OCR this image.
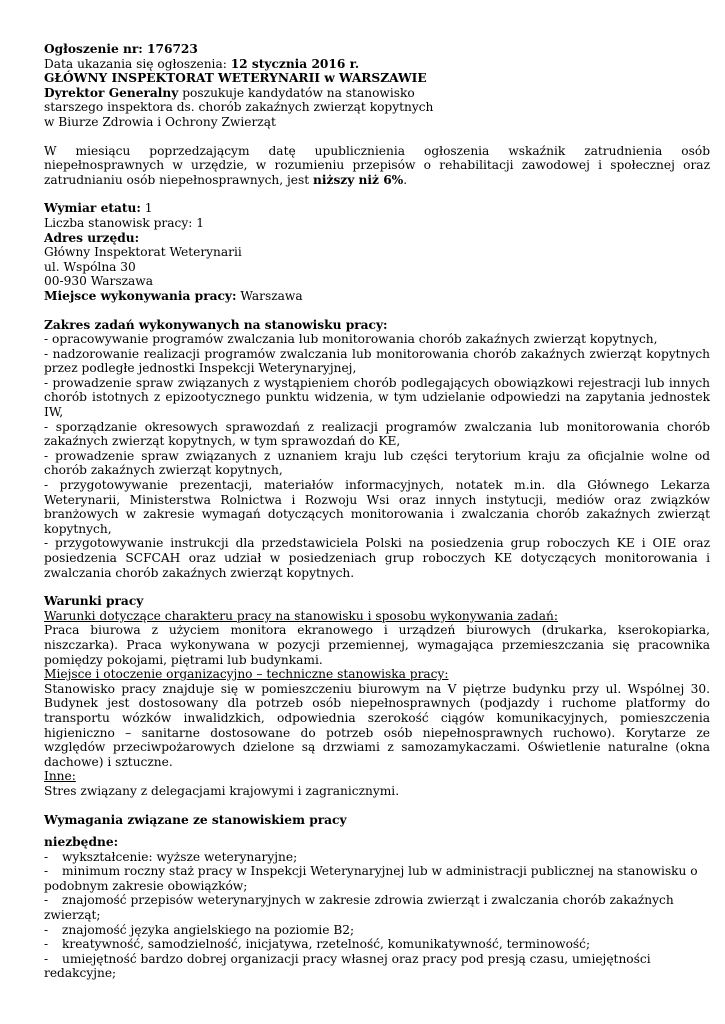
Ogłoszenie nr: 176723
Data ukazania się ogłoszenia: 12 stycznia 2016 r.
GŁÓWNY INSPEKTORAT WETERYNARII w WARSZAWIE
Dyrektor Generalny poszukuje kandydatów na stanowisko
starszego inspektora ds. chorób zakaźnych zwierząt kopytnych
w Biurze Zdrowia i Ochrony Zwierząt

W miesiącu poprzedzającym datę upublicznienia ogłoszenia wskaźnik zatrudnienia osób niepełnosprawnych w urzędzie, w rozumieniu przepisów o rehabilitacji zawodowej i społecznej oraz zatrudnianiu osób niepełnosprawnych, jest niższy niż 6%.

Wymiar etatu: 1
Liczba stanowisk pracy: 1
Adres urzędu:
Główny Inspektorat Weterynarii
ul. Wspólna 30
00-930 Warszawa
Miejsce wykonywania pracy: Warszawa
Zakres zadań wykonywanych na stanowisku pracy:
- opracowywanie programów zwalczania lub monitorowania chorób zakaźnych zwierząt kopytnych,
- nadzorowanie realizacji programów zwalczania lub monitorowania chorób zakaźnych zwierząt kopytnych przez podległe jednostki Inspekcji Weterynaryjnej,
- prowadzenie spraw związanych z wystąpieniem chorób podlegających obowiązkowi rejestracji lub innych chorób istotnych z epizootycznego punktu widzenia, w tym udzielanie odpowiedzi na zapytania jednostek IW,
- sporządzanie okresowych sprawozdań z realizacji programów zwalczania lub monitorowania chorób zakaźnych zwierząt kopytnych, w tym sprawozdań do KE,
- prowadzenie spraw związanych z uznaniem kraju lub części terytorium kraju za oficjalnie wolne od chorób zakaźnych zwierząt kopytnych,
- przygotowywanie prezentacji, materiałów informacyjnych, notatek m.in. dla Głównego Lekarza Weterynarii, Ministerstwa Rolnictwa i Rozwoju Wsi oraz innych instytucji, mediów oraz związków branżowych w zakresie wymagań dotyczących monitorowania i zwalczania chorób zakaźnych zwierząt kopytnych,
- przygotowywanie instrukcji dla przedstawiciela Polski na posiedzenia grup roboczych KE i OIE oraz posiedzenia SCFCAH oraz udział w posiedzeniach grup roboczych KE dotyczących monitorowania i zwalczania chorób zakaźnych zwierząt kopytnych.
Warunki pracy
Warunki dotyczące charakteru pracy na stanowisku i sposobu wykonywania zadań:

Praca biurowa z użyciem monitora ekranowego i urządzeń biurowych (drukarka, kserokopiarka, niszczarka). Praca wykonywana w pozycji przemiennej, wymagająca przemieszczania się pracownika pomiędzy pokojami, piętrami lub budynkami.

Miejsce i otoczenie organizacyjno – techniczne stanowiska pracy:

Stanowisko pracy znajduje się w pomieszczeniu biurowym na V piętrze budynku przy ul. Wspólnej 30. Budynek jest dostosowany dla potrzeb osób niepełnosprawnych (podjazdy i ruchome platformy do transportu wózków inwalidzkich, odpowiednia szerokość ciągów komunikacyjnych, pomieszczenia higieniczno – sanitarne dostosowane do potrzeb osób niepełnosprawnych ruchowo). Korytarze ze względów przeciwpożarowych dzielone są drzwiami z samozamykaczami. Oświetlenie naturalne (okna dachowe) i sztuczne.

Inne:
Stres związany z delegacjami krajowymi i zagranicznymi.
Wymagania związane ze stanowiskiem pracy
niezbędne:
- wykształcenie: wyższe weterynaryjne;
- minimum roczny staż pracy w Inspekcji Weterynaryjnej lub w administracji publicznej na stanowisku o podobnym zakresie obowiązków;
- znajomość przepisów weterynaryjnych w zakresie zdrowia zwierząt i zwalczania chorób zakaźnych zwierząt;
- znajomość języka angielskiego na poziomie B2;
- kreatywność, samodzielność, inicjatywa, rzetelność, komunikatywność, terminowość;
- umiejętność bardzo dobrej organizacji pracy własnej oraz pracy pod presją czasu, umiejętności redakcyjne;
